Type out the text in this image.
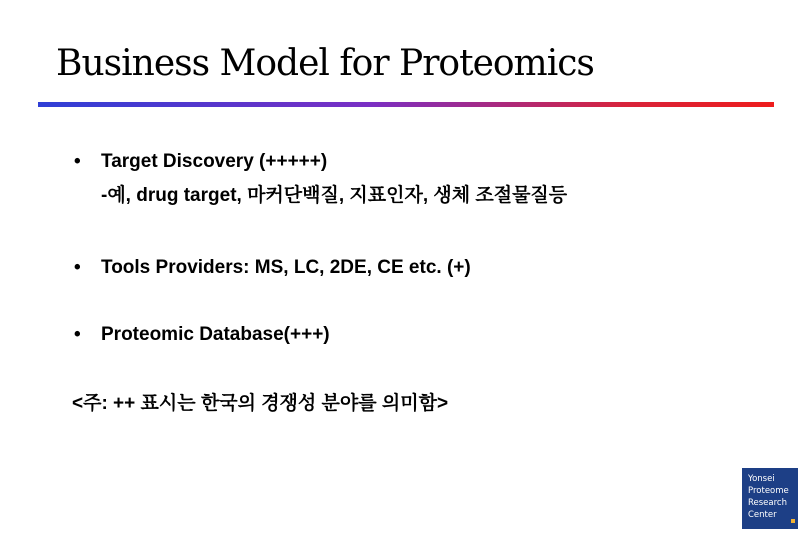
Business Model for Proteomics
• Target Discovery (+++++)
-예, drug target, 마커단백질, 지표인자, 생체 조절물질등
• Tools Providers: MS, LC, 2DE, CE etc. (+)
• Proteomic Database(+++)
<주: ++ 표시는 한국의 경쟁성 분야를 의미함>
Yonsei
Proteome
Research
Center
